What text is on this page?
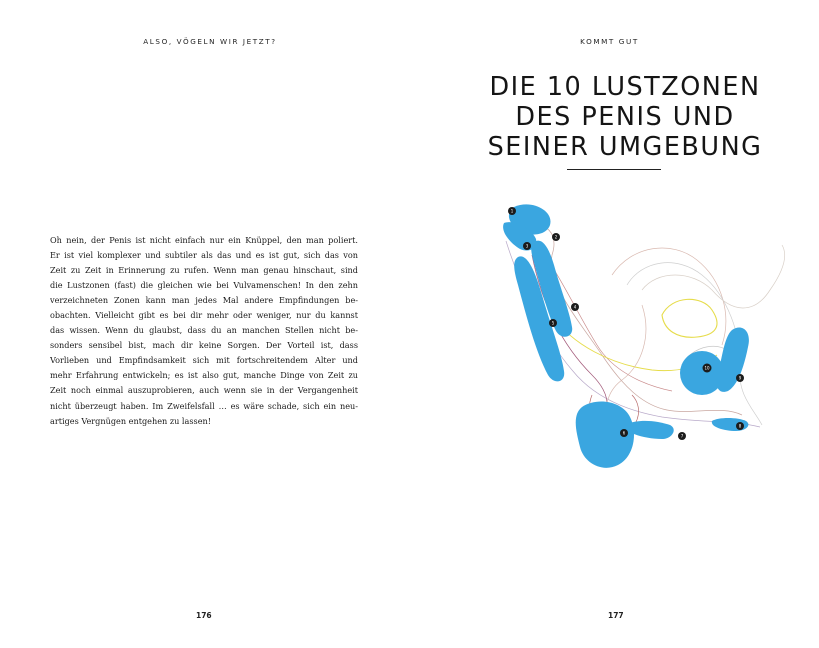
ALSO, VÖGELN WIR JETZT?
Oh nein, der Penis ist nicht einfach nur ein Knüppel, den man poliert.
Er ist viel komplexer und subtiler als das und es ist gut, sich das von
Zeit zu Zeit in Erinnerung zu rufen. Wenn man genau hinschaut, sind
die Lustzonen (fast) die gleichen wie bei Vulvamenschen! In den zehn
verzeichneten Zonen kann man jedes Mal andere Empfindungen be-
obachten. Vielleicht gibt es bei dir mehr oder weniger, nur du kannst
das wissen. Wenn du glaubst, dass du an manchen Stellen nicht be-
sonders sensibel bist, mach dir keine Sorgen. Der Vorteil ist, dass
Vorlieben und Empfindsamkeit sich mit fortschreitendem Alter und
mehr Erfahrung entwickeln; es ist also gut, manche Dinge von Zeit zu
Zeit noch einmal auszuprobieren, auch wenn sie in der Vergangenheit
nicht überzeugt haben. Im Zweifelsfall … es wäre schade, sich ein neu-
artiges Vergnügen entgehen zu lassen!
176
KOMMT GUT
DIE 10 LUSTZONEN
DES PENIS UND
SEINER UMGEBUNG
1
2
3
4
5
6
7
8
9
10
177
